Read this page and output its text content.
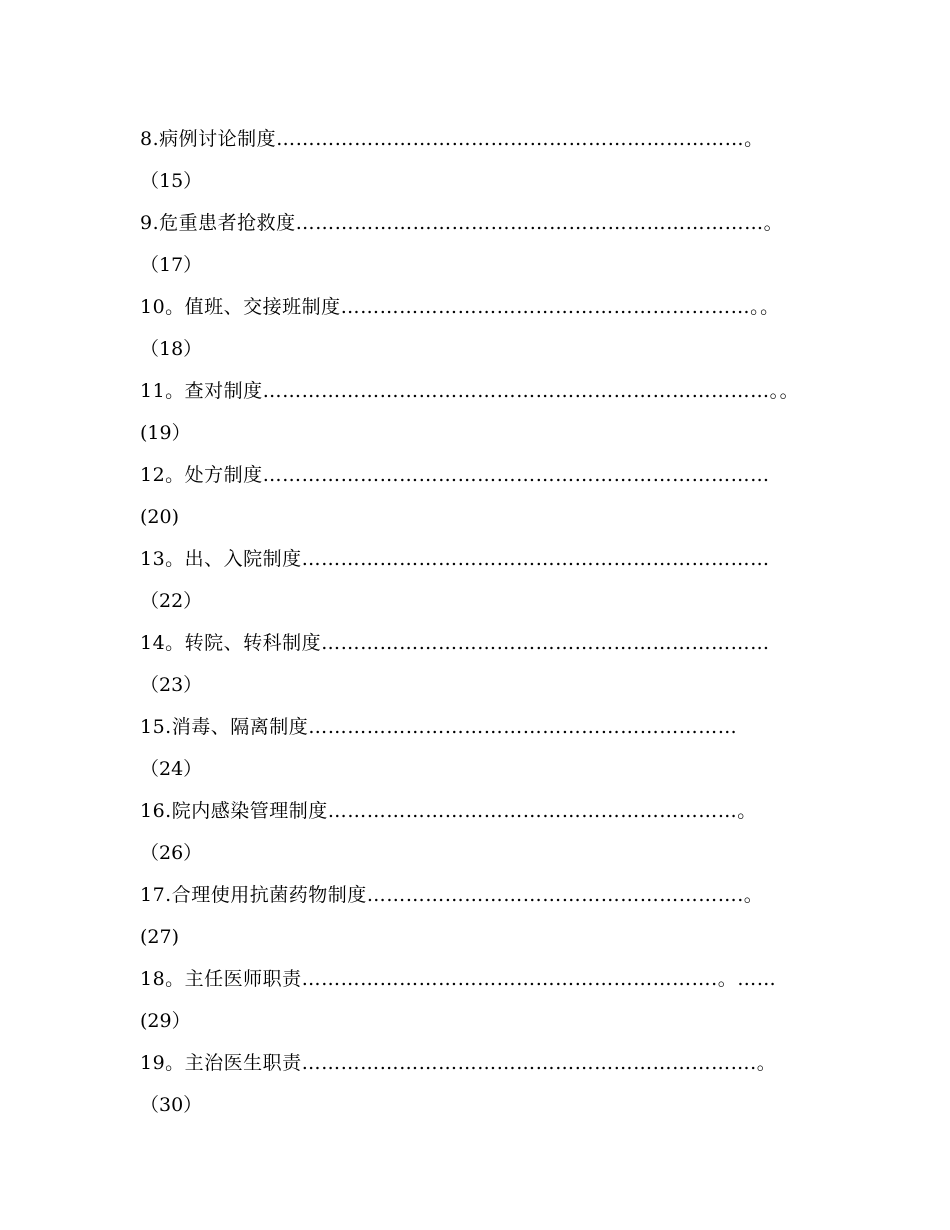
8.病例讨论制度………………………………………………………………。
（15）
9.危重患者抢救度………………………………………………………………。
（17）
10。值班、交接班制度………………………………………………………。。
（18）
11。查对制度……………………………………………………………………。。
(19）
12。处方制度……………………………………………………………………
(20)
13。出、入院制度………………………………………………………………
（22）
14。转院、转科制度……………………………………………………………
（23）
15.消毒、隔离制度…………………………………………………………
（24）
16.院内感染管理制度………………………………………………………。
（26）
17.合理使用抗菌药物制度………………………………………………….。
(27)
18。主任医师职责……………………………………………………….。……
(29）
19。主治医生职责…………………………………………………………….。
（30）
